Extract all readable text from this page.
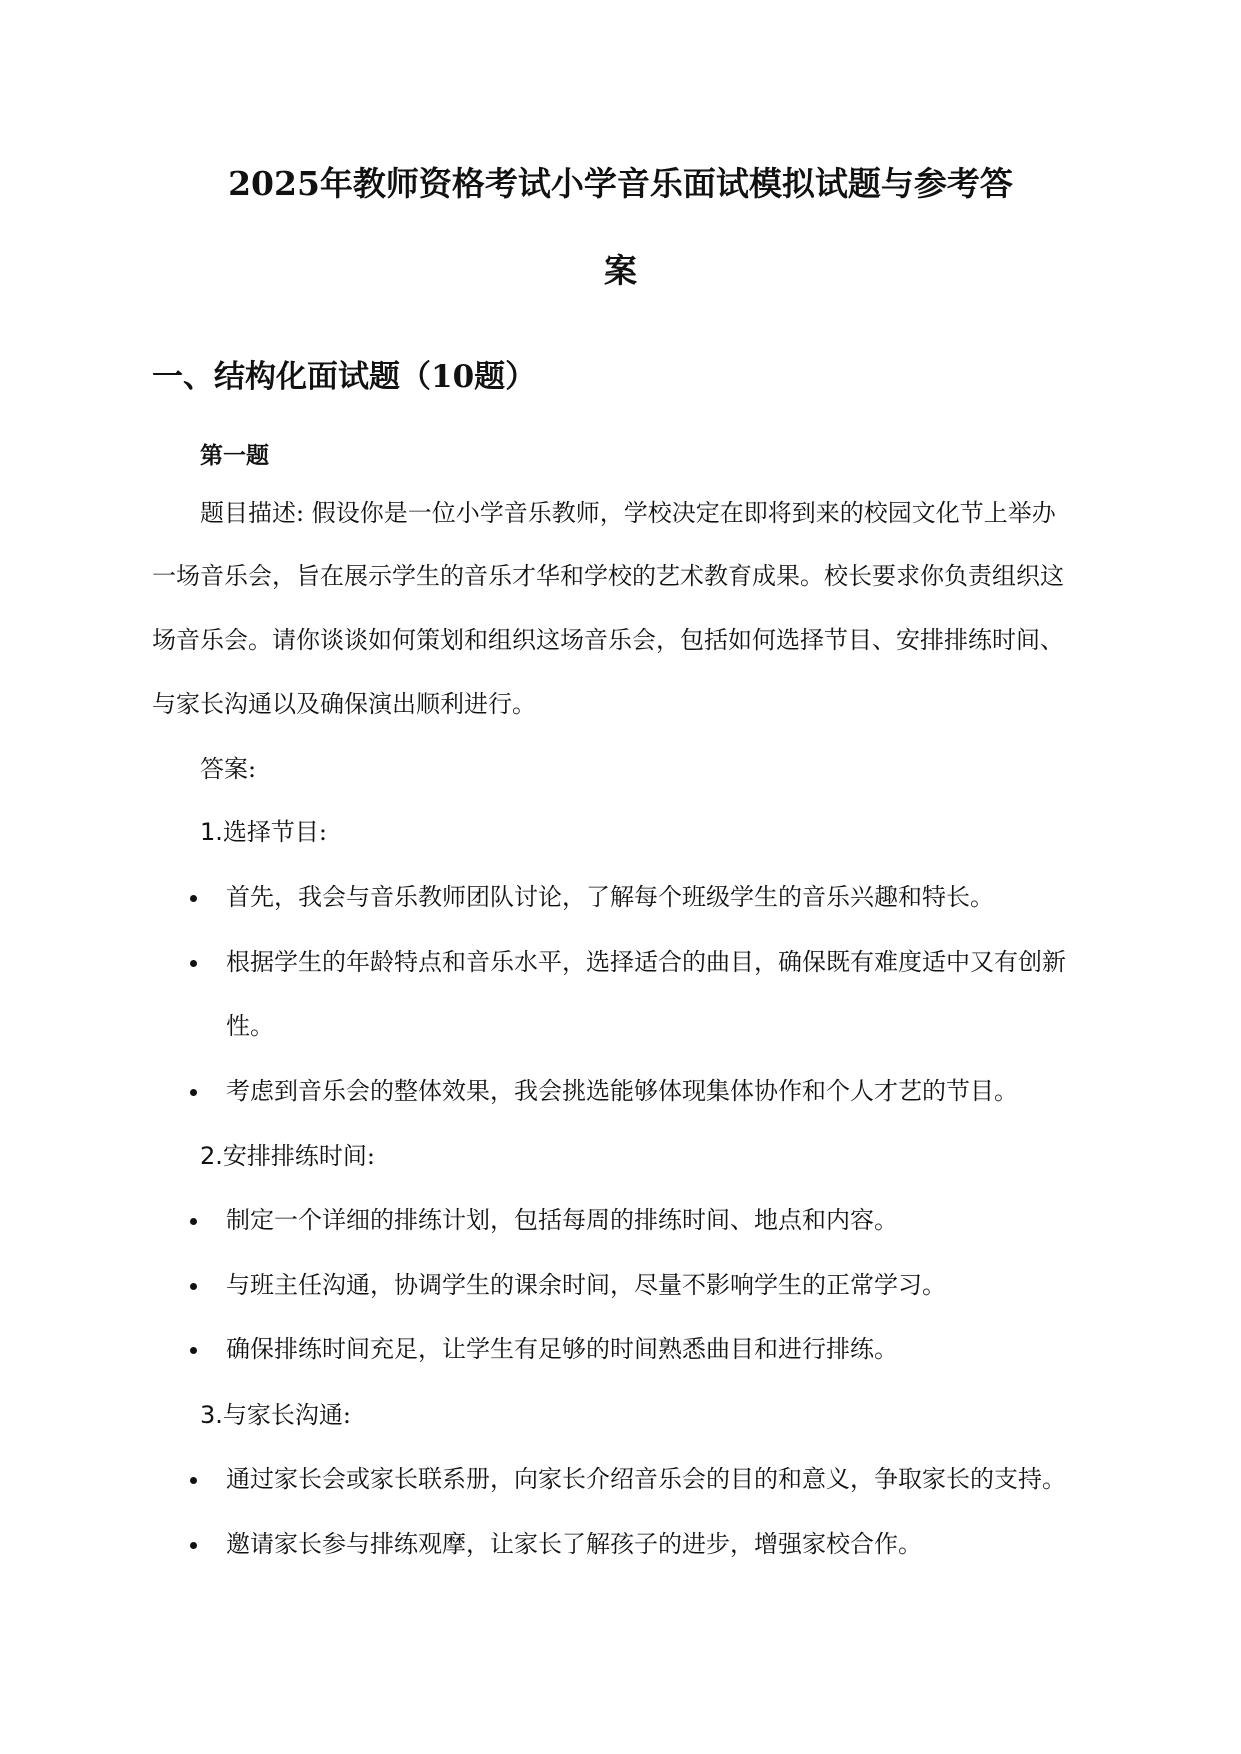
2025年教师资格考试小学音乐面试模拟试题与参考答
案
一、结构化面试题（10题）
第一题
题目描述: 假设你是一位小学音乐教师，学校决定在即将到来的校园文化节上举办
一场音乐会，旨在展示学生的音乐才华和学校的艺术教育成果。校长要求你负责组织这
场音乐会。请你谈谈如何策划和组织这场音乐会，包括如何选择节目、安排排练时间、
与家长沟通以及确保演出顺利进行。
答案:
1.选择节目:
首先，我会与音乐教师团队讨论，了解每个班级学生的音乐兴趣和特长。
根据学生的年龄特点和音乐水平，选择适合的曲目，确保既有难度适中又有创新
性。
考虑到音乐会的整体效果，我会挑选能够体现集体协作和个人才艺的节目。
2.安排排练时间:
制定一个详细的排练计划，包括每周的排练时间、地点和内容。
与班主任沟通，协调学生的课余时间，尽量不影响学生的正常学习。
确保排练时间充足，让学生有足够的时间熟悉曲目和进行排练。
3.与家长沟通:
通过家长会或家长联系册，向家长介绍音乐会的目的和意义，争取家长的支持。
邀请家长参与排练观摩，让家长了解孩子的进步，增强家校合作。
